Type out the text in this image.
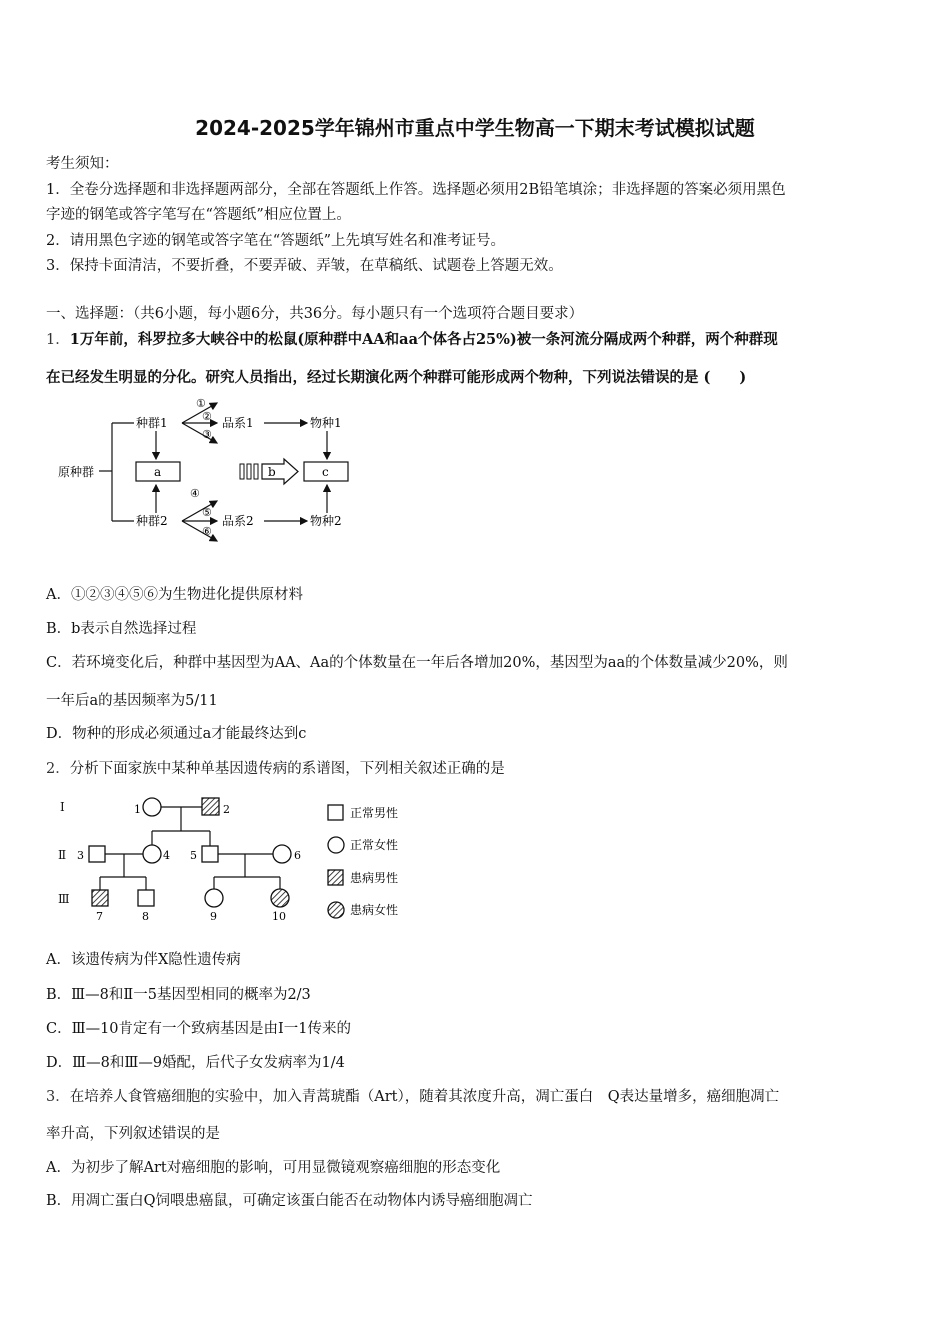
2024-2025学年锦州市重点中学生物高一下期末考试模拟试题
考生须知：
1．全卷分选择题和非选择题两部分，全部在答题纸上作答。选择题必须用2B铅笔填涂；非选择题的答案必须用黑色
字迹的钢笔或答字笔写在“答题纸”相应位置上。
2．请用黑色字迹的钢笔或答字笔在“答题纸”上先填写姓名和准考证号。
3．保持卡面清洁，不要折叠，不要弄破、弄皱，在草稿纸、试题卷上答题无效。
一、选择题：（共6小题，每小题6分，共36分。每小题只有一个选项符合题目要求）
1．1万年前，科罗拉多大峡谷中的松鼠(原种群中AA和aa个体各占25%)被一条河流分隔成两个种群，两个种群现
在已经发生明显的分化。研究人员指出，经过长期演化两个种群可能形成两个物种，下列说法错误的是 (　　)
原种群
种群1
种群2
a
①
②
③
④
⑤
⑥
品系1
品系2
物种1
物种2
c
b
A．①②③④⑤⑥为生物进化提供原材料
B．b表示自然选择过程
C．若环境变化后，种群中基因型为AA、Aa的个体数量在一年后各增加20%，基因型为aa的个体数量减少20%，则
一年后a的基因频率为5/11
D．物种的形成必须通过a才能最终达到c
2．分析下面家族中某种单基因遗传病的系谱图，下列相关叙述正确的是
Ⅰ
Ⅱ
Ⅲ
1	2
3	4 5	6
7	8	9	10
正常男性
正常女性
患病男性
患病女性
A．该遗传病为伴X隐性遗传病
B．Ⅲ—8和Ⅱ一5基因型相同的概率为2/3
C．Ⅲ—10肯定有一个致病基因是由Ⅰ一1传来的
D．Ⅲ—8和Ⅲ—9婚配，后代子女发病率为1/4
3．在培养人食管癌细胞的实验中，加入青蒿琥酯（Art），随着其浓度升高，凋亡蛋白　Q表达量增多，癌细胞凋亡
率升高，下列叙述错误的是
A．为初步了解Art对癌细胞的影响，可用显微镜观察癌细胞的形态变化
B．用凋亡蛋白Q饲喂患癌鼠，可确定该蛋白能否在动物体内诱导癌细胞凋亡
